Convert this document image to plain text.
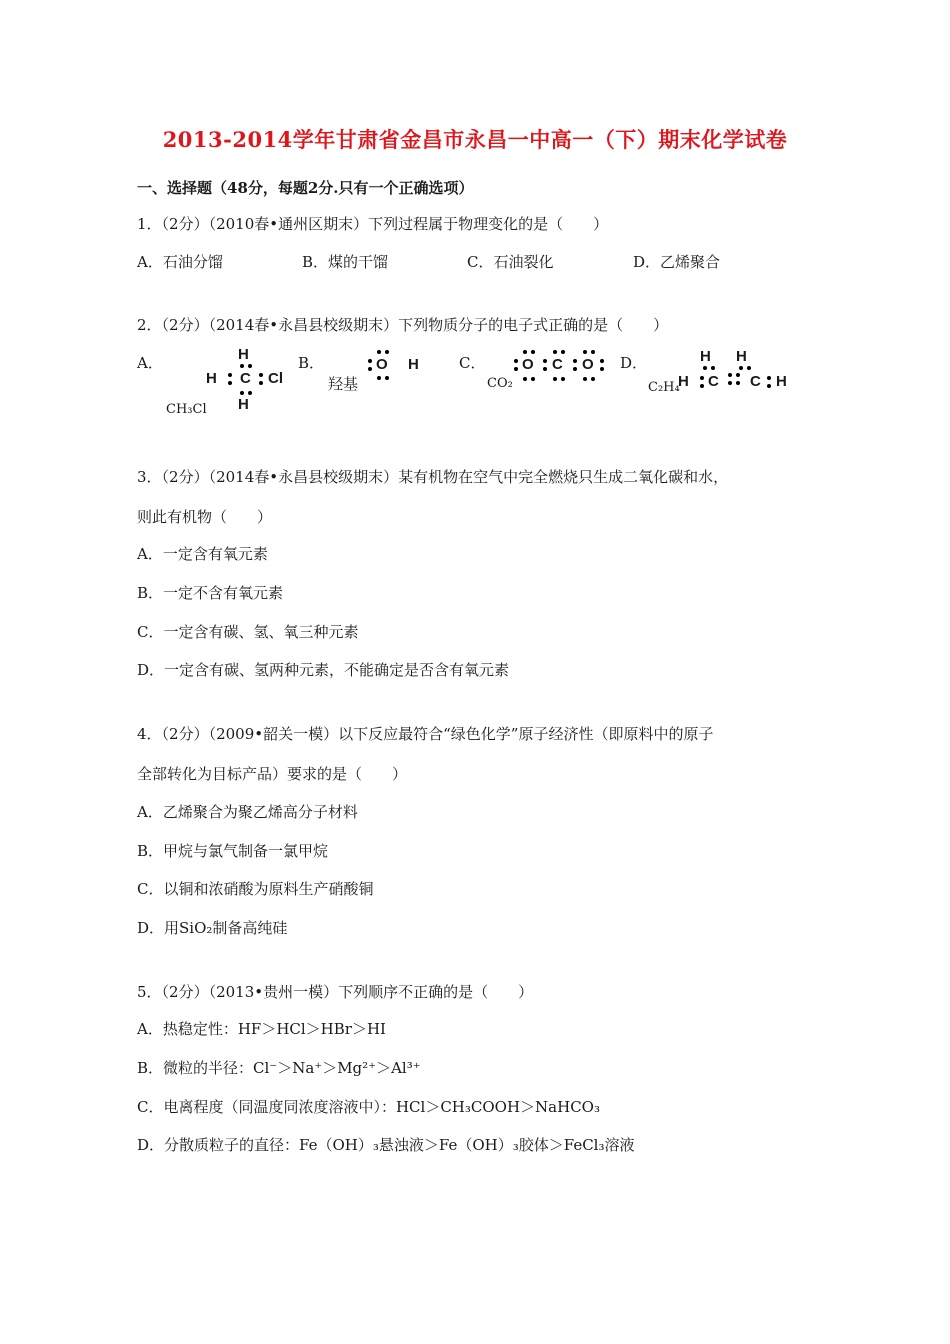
2013-2014学年甘肃省金昌市永昌一中高一（下）期末化学试卷
一、选择题（48分，每题2分.只有一个正确选项）
1．（2分）（2010春•通州区期末）下列过程属于物理变化的是（　　）
A．石油分馏	B．煤的干馏	C．石油裂化	D．乙烯聚合
2．（2分）（2014春•永昌县校级期末）下列物质分子的电子式正确的是（　　）
A．	B．	C．	D．
H
H C Cl
H
CH₃Cl
O H
羟基
O C O
CO₂
H H
H C C H
C₂H₄
3．（2分）（2014春•永昌县校级期末）某有机物在空气中完全燃烧只生成二氧化碳和水，
则此有机物（　　）
A．一定含有氧元素
B．一定不含有氧元素
C．一定含有碳、氢、氧三种元素
D．一定含有碳、氢两种元素，不能确定是否含有氧元素
4．（2分）（2009•韶关一模）以下反应最符合“绿色化学”原子经济性（即原料中的原子
全部转化为目标产品）要求的是（　　）
A．乙烯聚合为聚乙烯高分子材料
B．甲烷与氯气制备一氯甲烷
C．以铜和浓硝酸为原料生产硝酸铜
D．用SiO₂制备高纯硅
5．（2分）（2013•贵州一模）下列顺序不正确的是（　　）
A．热稳定性：HF＞HCl＞HBr＞HI
B．微粒的半径：Cl⁻＞Na⁺＞Mg²⁺＞Al³⁺
C．电离程度（同温度同浓度溶液中）：HCl＞CH₃COOH＞NaHCO₃
D．分散质粒子的直径：Fe（OH）₃悬浊液＞Fe（OH）₃胶体＞FeCl₃溶液
